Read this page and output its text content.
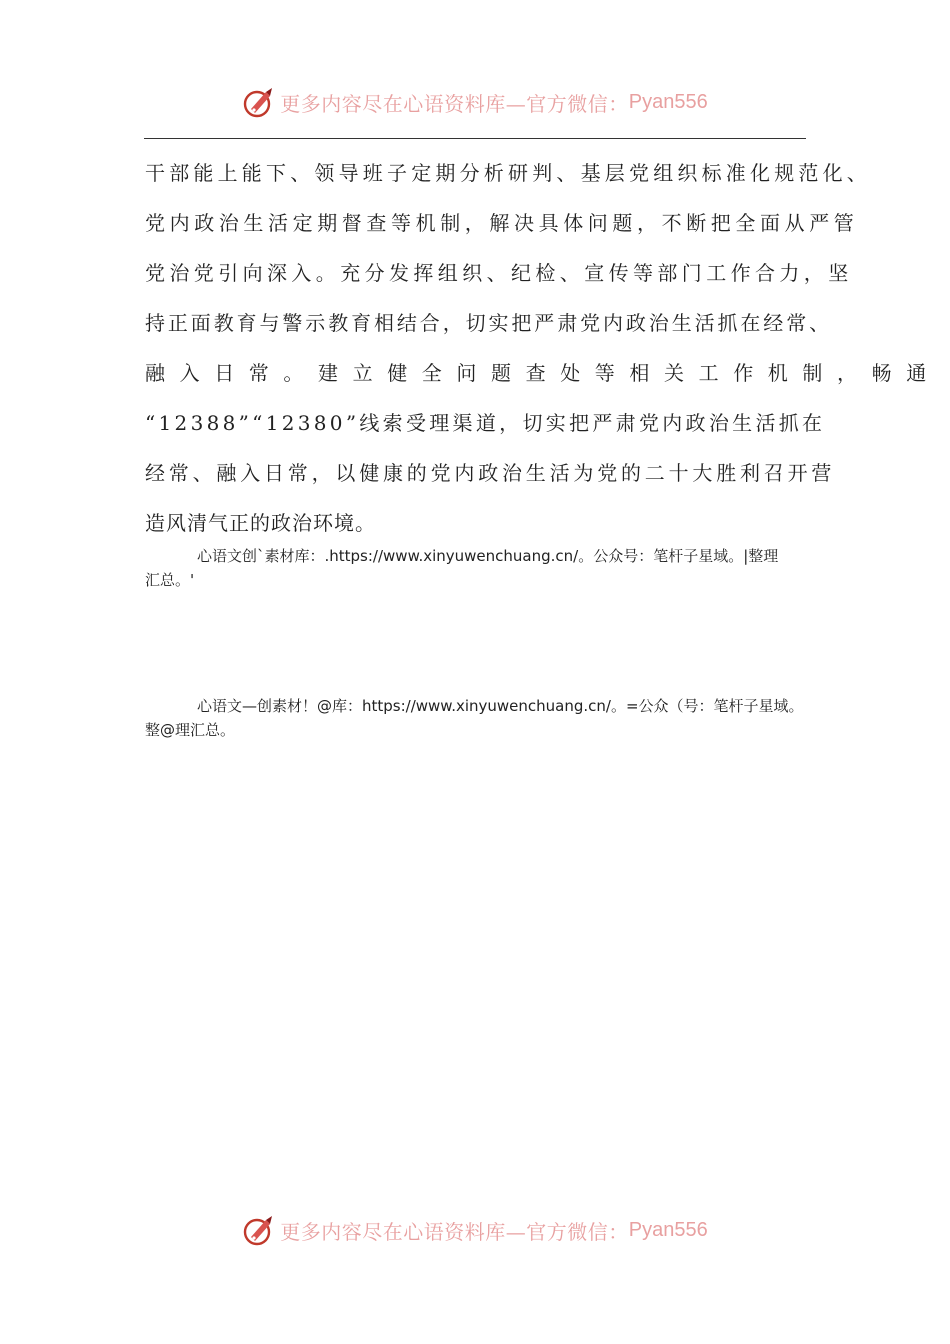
更多内容尽在心语资料库—官方微信： Pyan556
干部能上能下、领导班子定期分析研判、基层党组织标准化规范化、
党内政治生活定期督查等机制，解决具体问题，不断把全面从严管
党治党引向深入。充分发挥组织、纪检、宣传等部门工作合力，坚
持正面教育与警示教育相结合，切实把严肃党内政治生活抓在经常、
融入日常。建立健全问题查处等相关工作机制，畅通
“12388”“12380”线索受理渠道，切实把严肃党内政治生活抓在
经常、融入日常，以健康的党内政治生活为党的二十大胜利召开营
造风清气正的政治环境。
心语文创`素材库：.https://www.xinyuwenchuang.cn/。公众号：笔杆子星域。|整理
汇总。'
心语文—创素材！@库：https://www.xinyuwenchuang.cn/。=公众（号：笔杆子星域。
整@理汇总。
更多内容尽在心语资料库—官方微信： Pyan556
